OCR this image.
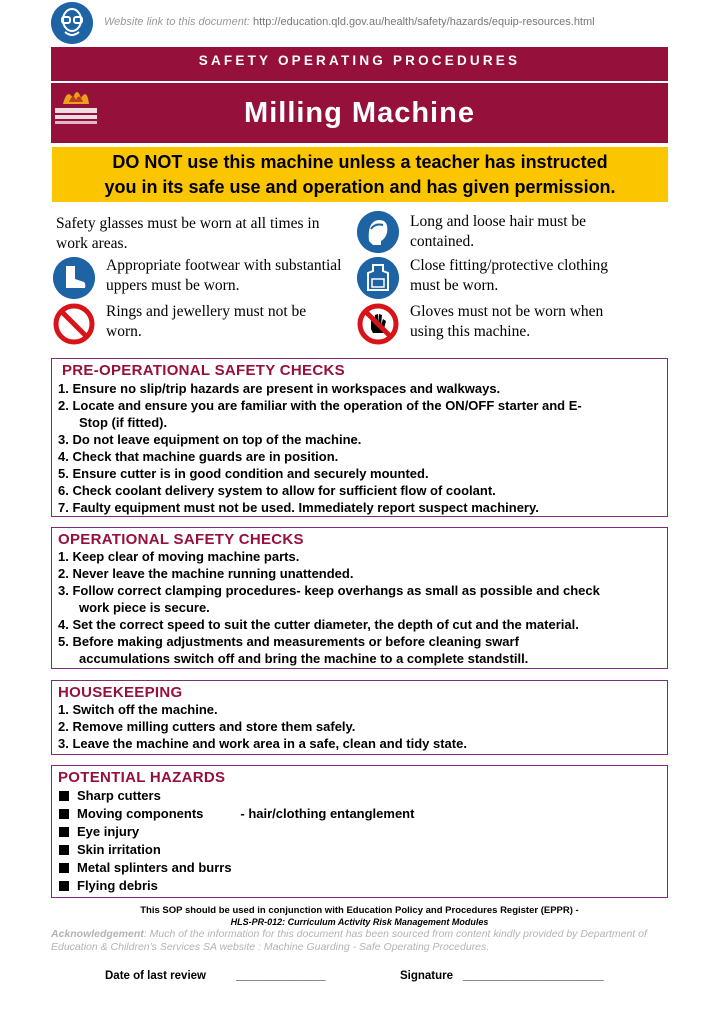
Website link to this document: http://education.qld.gov.au/health/safety/hazards/equip-resources.html
SAFETY OPERATING PROCEDURES
Milling Machine
DO NOT use this machine unless a teacher has instructed
you in its safe use and operation and has given permission.
Safety glasses must be worn at all times in work areas.
Long and loose hair must be contained.
Appropriate footwear with substantial uppers must be worn.
Close fitting/protective clothing must be worn.
Rings and jewellery must not be worn.
Gloves must not be worn when using this machine.
PRE-OPERATIONAL SAFETY CHECKS
1. Ensure no slip/trip hazards are present in workspaces and walkways.
2. Locate and ensure you are familiar with the operation of the ON/OFF starter and E-
Stop (if fitted).
3. Do not leave equipment on top of the machine.
4. Check that machine guards are in position.
5. Ensure cutter is in good condition and securely mounted.
6. Check coolant delivery system to allow for sufficient flow of coolant.
7. Faulty equipment must not be used. Immediately report suspect machinery.
OPERATIONAL SAFETY CHECKS
1. Keep clear of moving machine parts.
2. Never leave the machine running unattended.
3. Follow correct clamping procedures- keep overhangs as small as possible and check
work piece is secure.
4. Set the correct speed to suit the cutter diameter, the depth of cut and the material.
5. Before making adjustments and measurements or before cleaning swarf
accumulations switch off and bring the machine to a complete standstill.
HOUSEKEEPING
1. Switch off the machine.
2. Remove milling cutters and store them safely.
3. Leave the machine and work area in a safe, clean and tidy state.
POTENTIAL HAZARDS
Sharp cutters
Moving components	- hair/clothing entanglement
Eye injury
Skin irritation
Metal splinters and burrs
Flying debris
This SOP should be used in conjunction with Education Policy and Procedures Register (EPPR) -
HLS-PR-012: Curriculum Activity Risk Management Modules
Acknowledgement: Much of the information for this document has been sourced from content kindly provided by Department of Education & Children's Services SA website : Machine Guarding - Safe Operating Procedures.
Date of last review	______________	Signature ______________________
